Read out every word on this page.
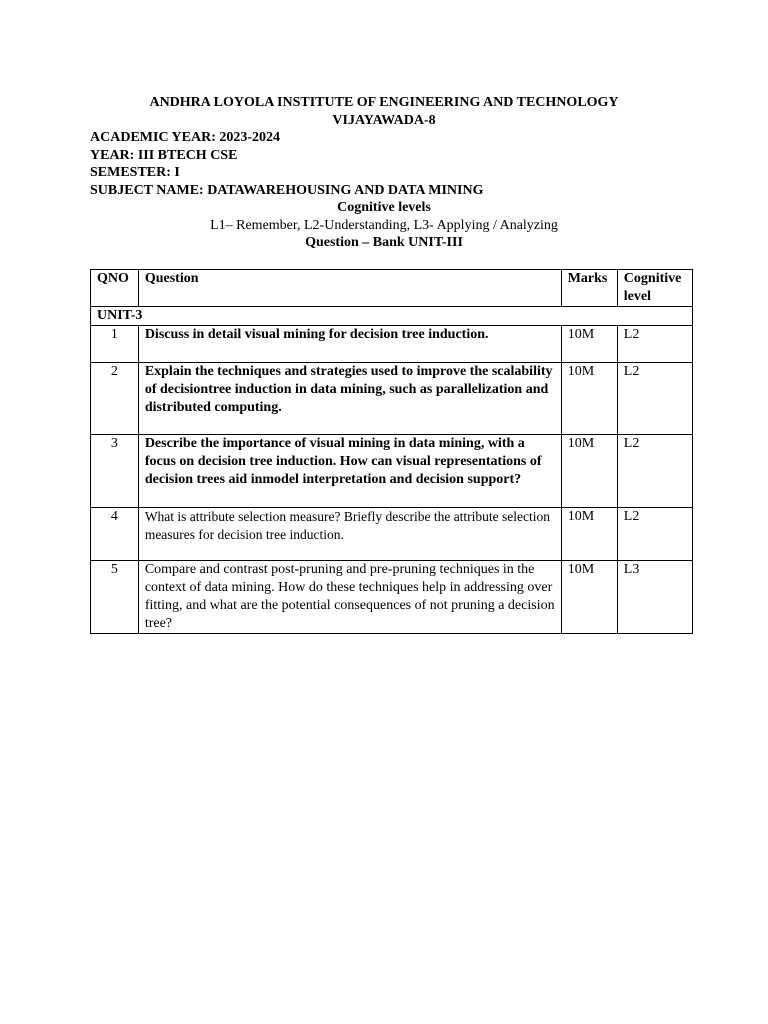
ANDHRA LOYOLA INSTITUTE OF ENGINEERING AND TECHNOLOGY
VIJAYAWADA-8
ACADEMIC YEAR: 2023-2024
YEAR: III BTECH CSE
SEMESTER: I
SUBJECT NAME: DATAWAREHOUSING AND DATA MINING
Cognitive levels
L1– Remember, L2-Understanding, L3- Applying / Analyzing
Question – Bank UNIT-III
QNO	Question	Marks	Cognitive level
UNIT-3			
1	Discuss in detail visual mining for decision tree induction.	10M	L2
2	Explain the techniques and strategies used to improve the scalability of decisiontree induction in data mining, such as parallelization and distributed computing.	10M	L2
3	Describe the importance of visual mining in data mining, with a focus on decision tree induction. How can visual representations of decision trees aid inmodel interpretation and decision support?	10M	L2
4	What is attribute selection measure? Briefly describe the attribute selection measures for decision tree induction.	10M	L2
5	Compare and contrast post-pruning and pre-pruning techniques in the context of data mining. How do these techniques help in addressing over fitting, and what are the potential consequences of not pruning a decision tree?	10M	L3
